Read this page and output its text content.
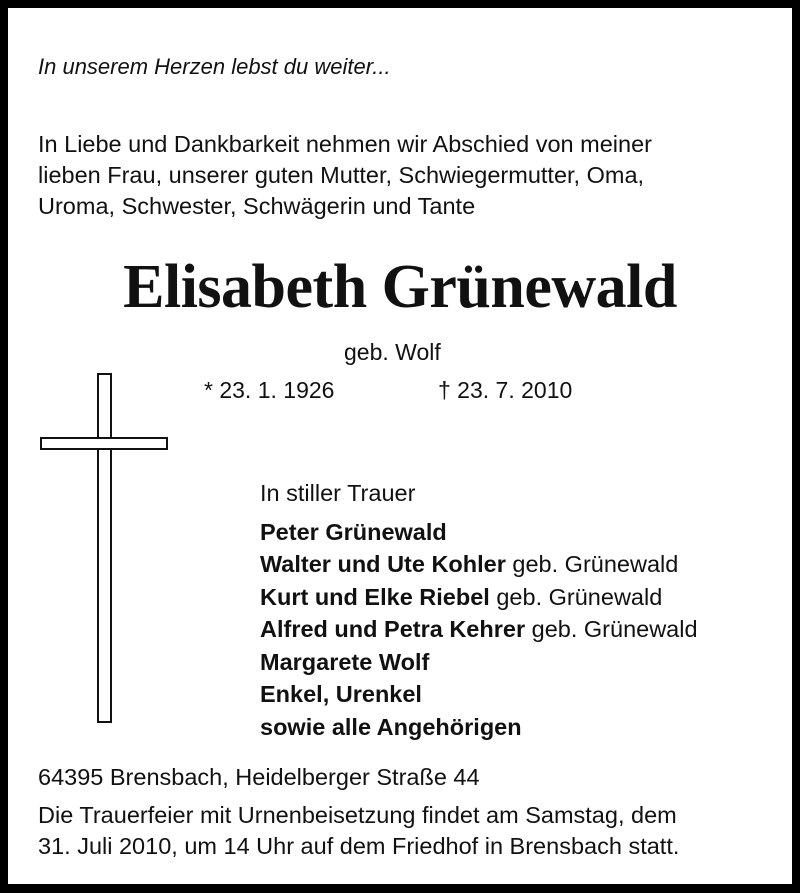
In unserem Herzen lebst du weiter...
In Liebe und Dankbarkeit nehmen wir Abschied von meiner
lieben Frau, unserer guten Mutter, Schwiegermutter, Oma,
Uroma, Schwester, Schwägerin und Tante
Elisabeth Grünewald
geb. Wolf
* 23. 1. 1926	† 23. 7. 2010
In stiller Trauer
Peter Grünewald
Walter und Ute Kohler geb. Grünewald
Kurt und Elke Riebel geb. Grünewald
Alfred und Petra Kehrer geb. Grünewald
Margarete Wolf
Enkel, Urenkel
sowie alle Angehörigen
64395 Brensbach, Heidelberger Straße 44
Die Trauerfeier mit Urnenbeisetzung findet am Samstag, dem
31. Juli 2010, um 14 Uhr auf dem Friedhof in Brensbach statt.
